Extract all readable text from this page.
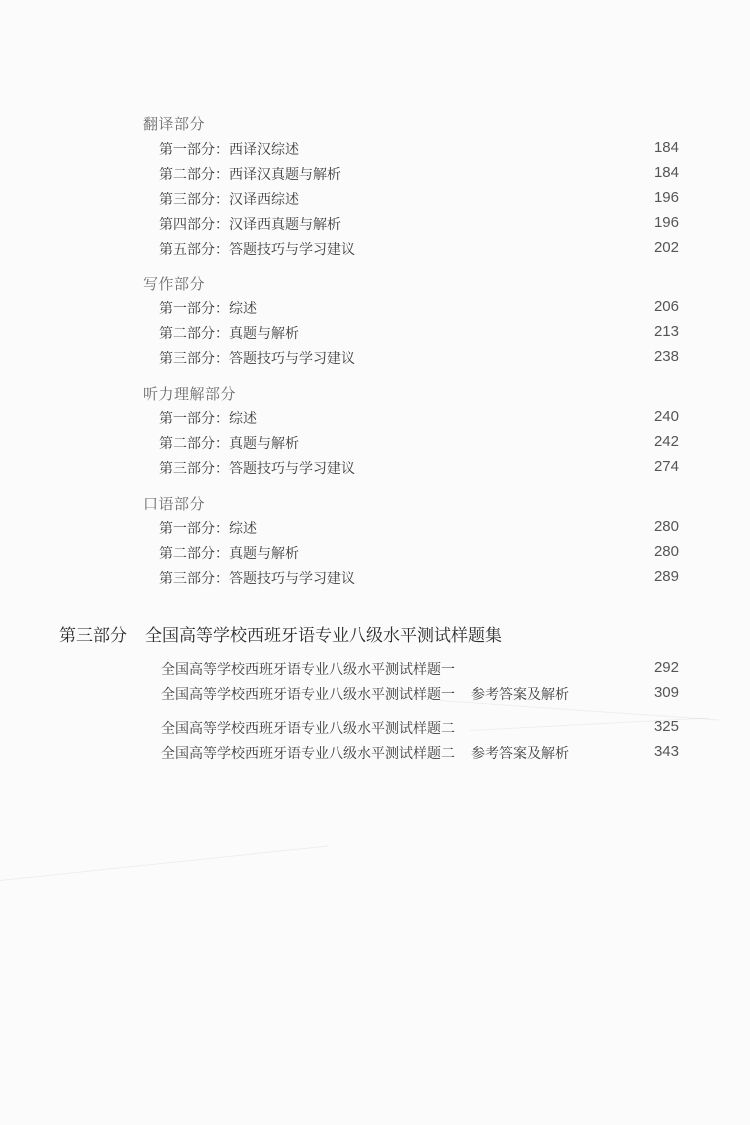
翻译部分
第一部分：西译汉综述	184
第二部分：西译汉真题与解析	184
第三部分：汉译西综述	196
第四部分：汉译西真题与解析	196
第五部分：答题技巧与学习建议	202
写作部分
第一部分：综述	206
第二部分：真题与解析	213
第三部分：答题技巧与学习建议	238
听力理解部分
第一部分：综述	240
第二部分：真题与解析	242
第三部分：答题技巧与学习建议	274
口语部分
第一部分：综述	280
第二部分：真题与解析	280
第三部分：答题技巧与学习建议	289
第三部分 全国高等学校西班牙语专业八级水平测试样题集
全国高等学校西班牙语专业八级水平测试样题一	292
全国高等学校西班牙语专业八级水平测试样题一 参考答案及解析	309
全国高等学校西班牙语专业八级水平测试样题二	325
全国高等学校西班牙语专业八级水平测试样题二 参考答案及解析	343
